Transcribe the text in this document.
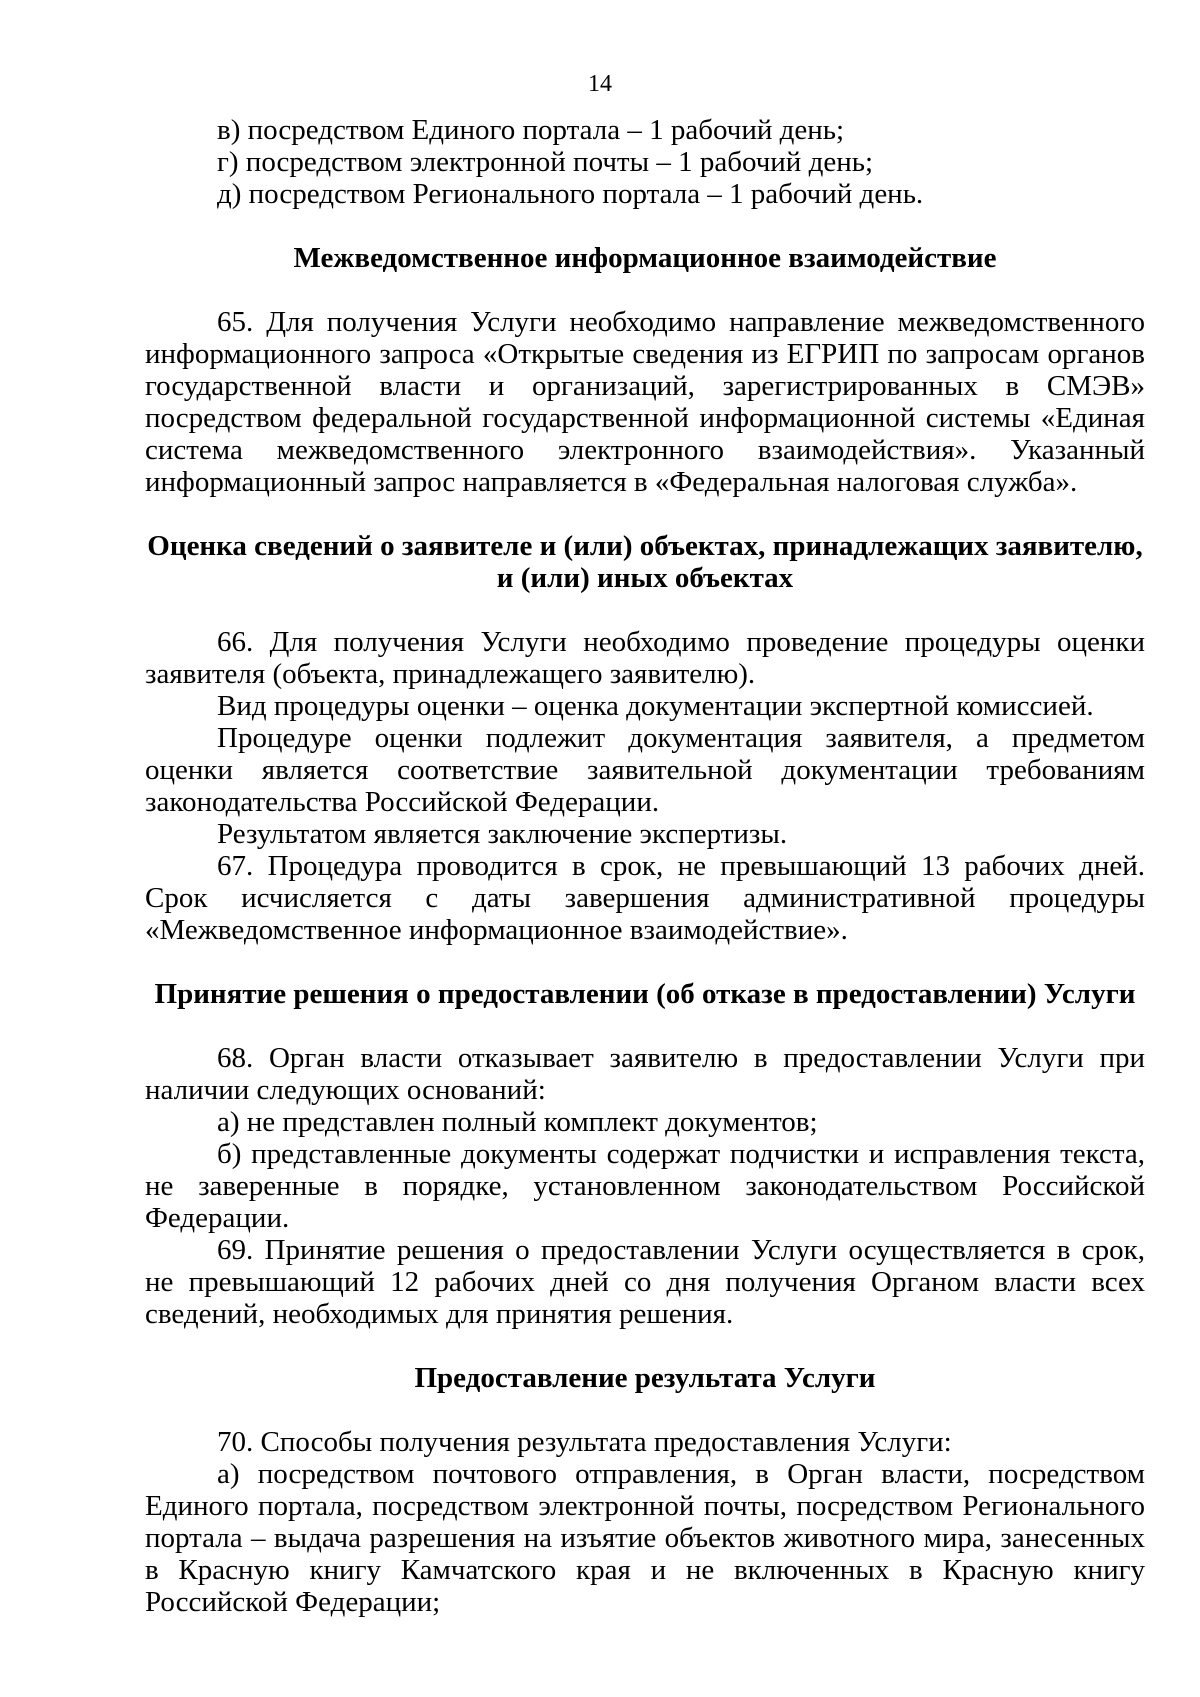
14

в) посредством Единого портала – 1 рабочий день;

г) посредством электронной почты – 1 рабочий день;

д) посредством Регионального портала – 1 рабочий день.

Межведомственное информационное взаимодействие

65. Для получения Услуги необходимо направление межведомственного информационного запроса «Открытые сведения из ЕГРИП по запросам органов государственной власти и организаций, зарегистрированных в СМЭВ» посредством федеральной государственной информационной системы «Единая система межведомственного электронного взаимодействия». Указанный информационный запрос направляется в «Федеральная налоговая служба».

Оценка сведений о заявителе и (или) объектах, принадлежащих заявителю, и (или) иных объектах

66. Для получения Услуги необходимо проведение процедуры оценки заявителя (объекта, принадлежащего заявителю).

Вид процедуры оценки – оценка документации экспертной комиссией.

Процедуре оценки подлежит документация заявителя, а предметом оценки является соответствие заявительной документации требованиям законодательства Российской Федерации.

Результатом является заключение экспертизы.

67. Процедура проводится в срок, не превышающий 13 рабочих дней. Срок исчисляется с даты завершения административной процедуры «Межведомственное информационное взаимодействие».

Принятие решения о предоставлении (об отказе в предоставлении) Услуги

68. Орган власти отказывает заявителю в предоставлении Услуги при наличии следующих оснований:

а) не представлен полный комплект документов;

б) представленные документы содержат подчистки и исправления текста, не заверенные в порядке, установленном законодательством Российской Федерации.

69. Принятие решения о предоставлении Услуги осуществляется в срок, не превышающий 12 рабочих дней со дня получения Органом власти всех сведений, необходимых для принятия решения.

Предоставление результата Услуги

70. Способы получения результата предоставления Услуги:

а) посредством почтового отправления, в Орган власти, посредством Единого портала, посредством электронной почты, посредством Регионального портала – выдача разрешения на изъятие объектов животного мира, занесенных в Красную книгу Камчатского края и не включенных в Красную книгу Российской Федерации;
